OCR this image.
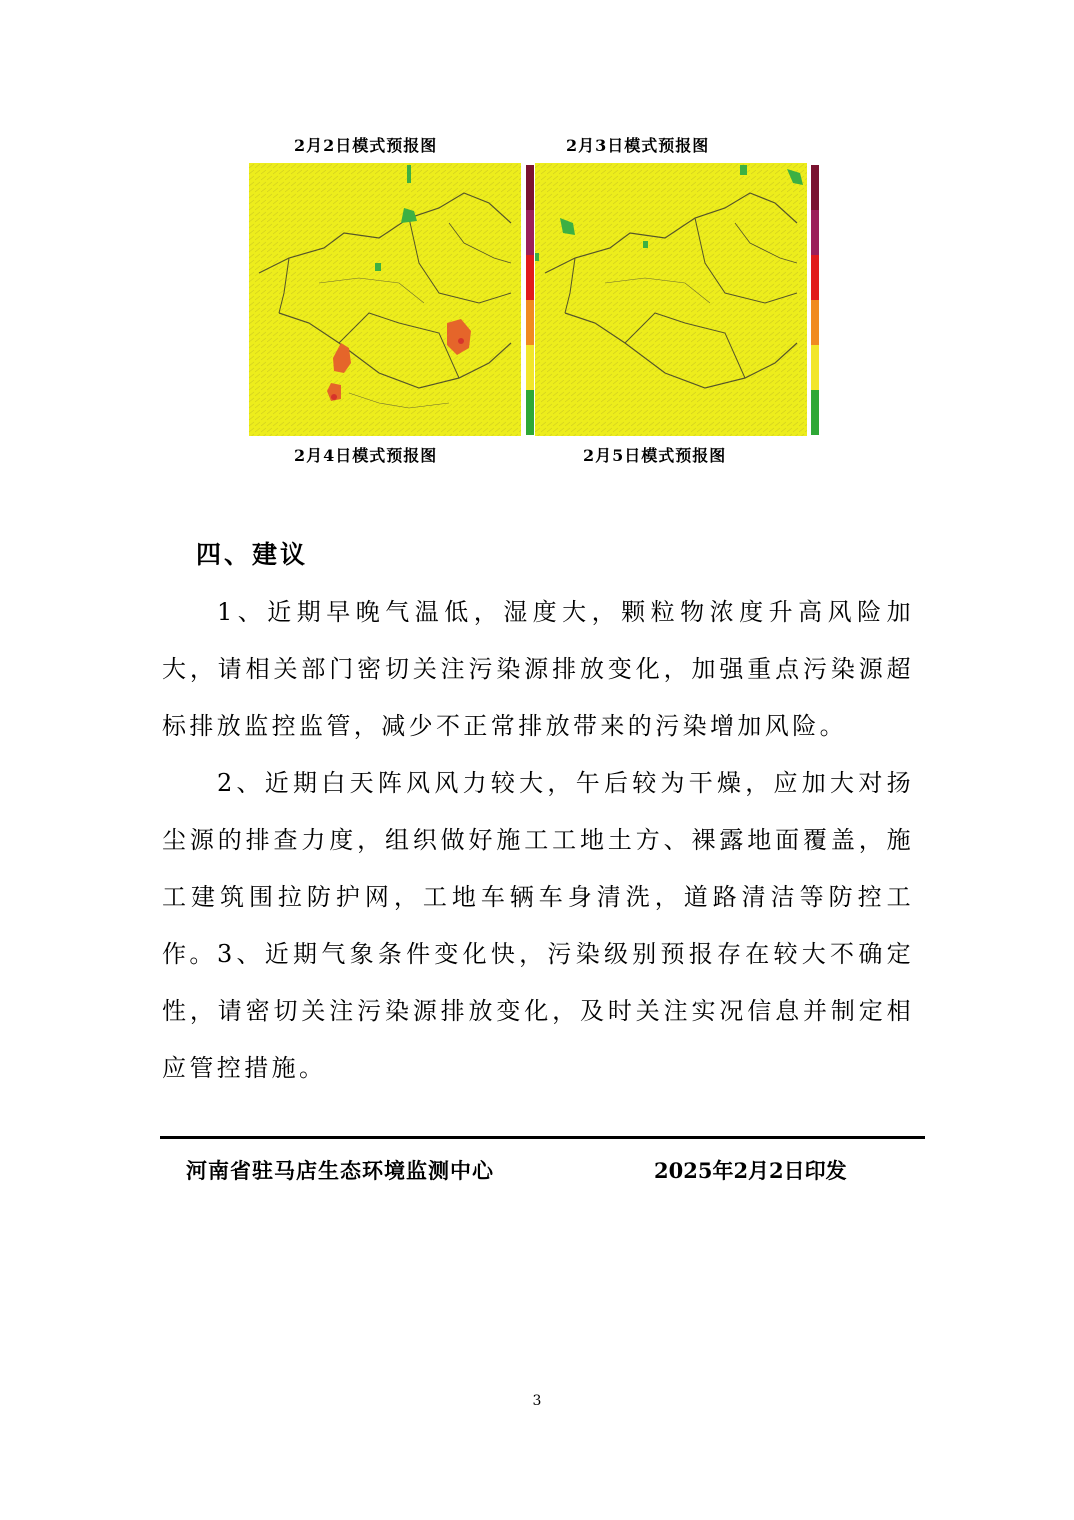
2月2日模式预报图	2月3日模式预报图
2月4日模式预报图	2月5日模式预报图
四、建议
1、近期早晚气温低，湿度大，颗粒物浓度升高风险加大，请相关部门密切关注污染源排放变化，加强重点污染源超标排放监控监管，减少不正常排放带来的污染增加风险。
2、近期白天阵风风力较大，午后较为干燥，应加大对扬尘源的排查力度，组织做好施工工地土方、裸露地面覆盖，施工建筑围拉防护网，工地车辆车身清洗，道路清洁等防控工作。 3、近期气象条件变化快，污染级别预报存在较大不确定性，请密切关注污染源排放变化，及时关注实况信息并制定相应管控措施。
河南省驻马店生态环境监测中心	2025年2月2日印发
3
